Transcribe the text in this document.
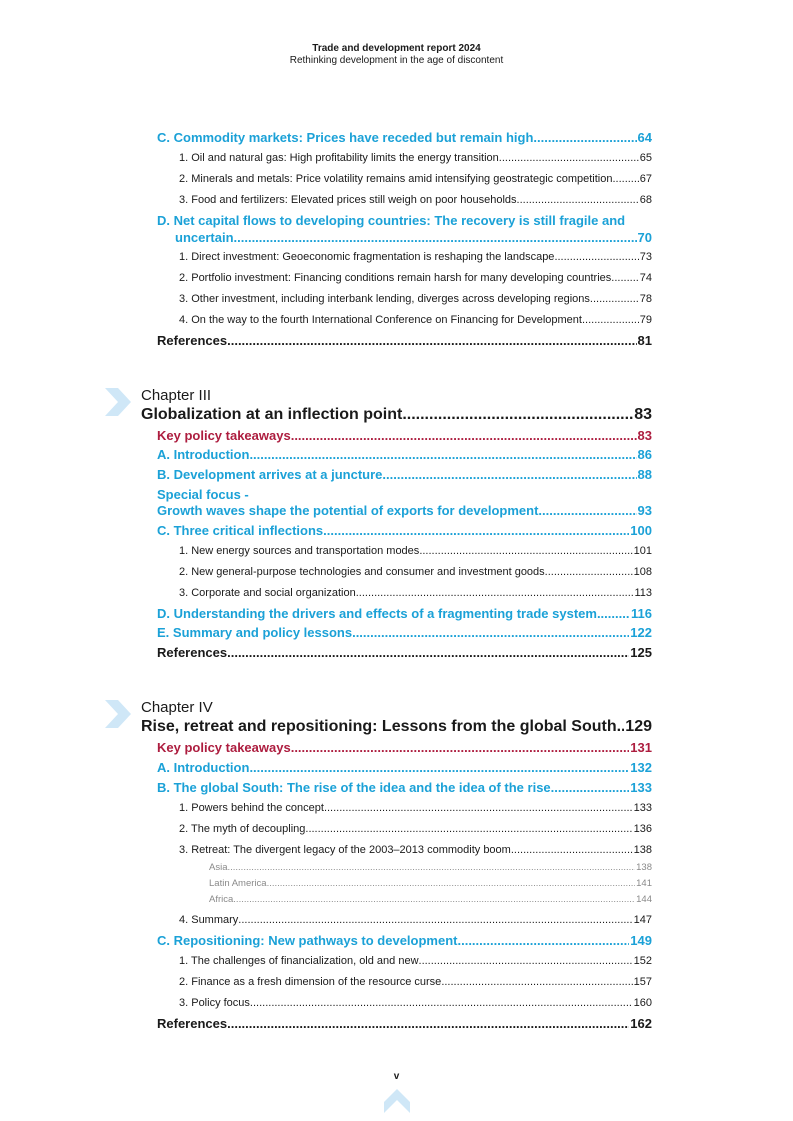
Trade and development report 2024
Rethinking development in the age of discontent
C. Commodity markets: Prices have receded but remain high .....	64
1. Oil and natural gas: High profitability limits the energy transition .....	65
2. Minerals and metals: Price volatility remains amid intensifying geostrategic competition ..... 67
3. Food and fertilizers: Elevated prices still weigh on poor households .....	68
D. Net capital flows to developing countries: The recovery is still fragile and
uncertain .....	70
1. Direct investment: Geoeconomic fragmentation is reshaping the landscape .....	73
2. Portfolio investment: Financing conditions remain harsh for many developing countries .....	74
3. Other investment, including interbank lending, diverges across developing regions .....	78
4. On the way to the fourth International Conference on Financing for Development .....	79
References .....	81
Chapter III
Globalization at an inflection point .....	83
Key policy takeaways .....	83
A. Introduction .....	86
B. Development arrives at a juncture .....	88
Special focus -
Growth waves shape the potential of exports for development .....	93
C. Three critical inflections .....	100
1. New energy sources and transportation modes .....	101
2. New general-purpose technologies and consumer and investment goods .....	108
3. Corporate and social organization .....	113
D. Understanding the drivers and effects of a fragmenting trade system .....	116
E. Summary and policy lessons .....	122
References .....	125
Chapter IV
Rise, retreat and repositioning: Lessons from the global South ..... 129
Key policy takeaways .....	131
A. Introduction .....	132
B. The global South: The rise of the idea and the idea of the rise .....	133
1. Powers behind the concept .....	133
2. The myth of decoupling .....	136
3. Retreat: The divergent legacy of the 2003–2013 commodity boom .....	138
Asia .....	138
Latin America .....	141
Africa .....	144
4. Summary .....	147
C. Repositioning: New pathways to development .....	149
1. The challenges of financialization, old and new .....	152
2. Finance as a fresh dimension of the resource curse .....	157
3. Policy focus .....	160
References .....	162
v
